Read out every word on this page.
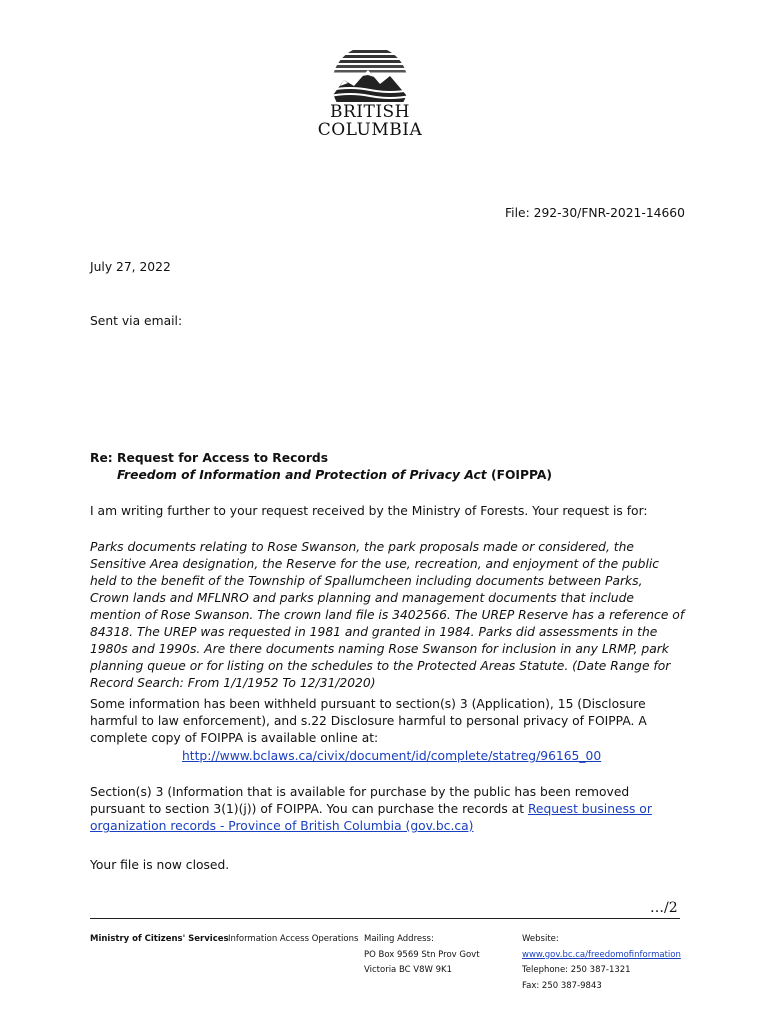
BRITISH
COLUMBIA
File: 292-30/FNR-2021-14660
July 27, 2022
Sent via email:
Re: Request for Access to Records
Freedom of Information and Protection of Privacy Act (FOIPPA)
I am writing further to your request received by the Ministry of Forests. Your request is for:
Parks documents relating to Rose Swanson, the park proposals made or considered, the Sensitive Area designation, the Reserve for the use, recreation, and enjoyment of the public held to the benefit of the Township of Spallumcheen including documents between Parks, Crown lands and MFLNRO and parks planning and management documents that include mention of Rose Swanson. The crown land file is 3402566. The UREP Reserve has a reference of 84318. The UREP was requested in 1981 and granted in 1984. Parks did assessments in the 1980s and 1990s. Are there documents naming Rose Swanson for inclusion in any LRMP, park planning queue or for listing on the schedules to the Protected Areas Statute. (Date Range for Record Search: From 1/1/1952 To 12/31/2020)
Some information has been withheld pursuant to section(s) 3 (Application), 15 (Disclosure harmful to law enforcement), and s.22 Disclosure harmful to personal privacy of FOIPPA. A complete copy of FOIPPA is available online at:
http://www.bclaws.ca/civix/document/id/complete/statreg/96165_00
Section(s) 3 (Information that is available for purchase by the public has been removed pursuant to section 3(1)(j)) of FOIPPA. You can purchase the records at Request business or organization records - Province of British Columbia (gov.bc.ca)
Your file is now closed.
…/2
Ministry of Citizens' Services Information Access Operations Mailing Address:
PO Box 9569 Stn Prov Govt
Victoria BC V8W 9K1
Website:
www.gov.bc.ca/freedomofinformation
Telephone: 250 387-1321
Fax: 250 387-9843
